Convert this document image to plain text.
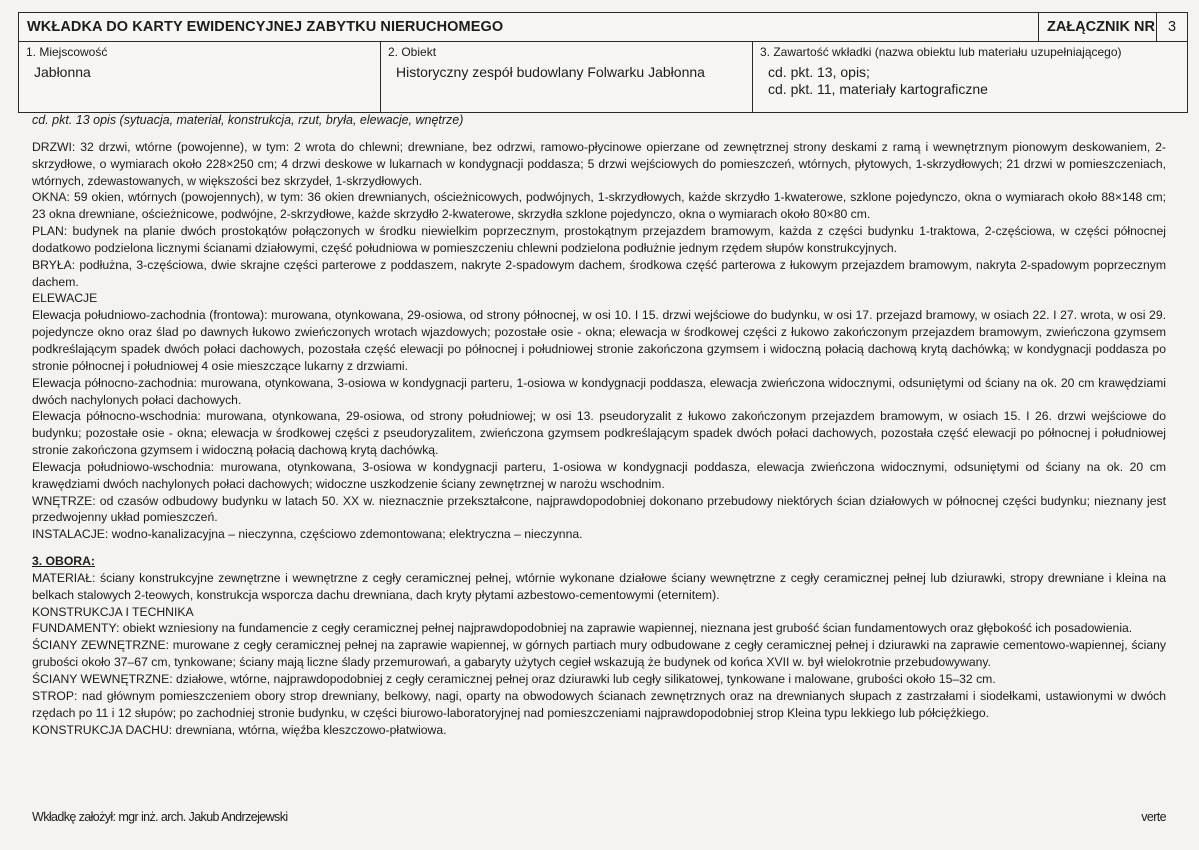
WKŁADKA DO KARTY EWIDENCYJNEJ ZABYTKU NIERUCHOMEGO	ZAŁĄCZNIK NR 3
1. Miejscowość
Jabłonna
2. Obiekt
Historyczny zespół budowlany Folwarku Jabłonna
3. Zawartość wkładki (nazwa obiektu lub materiału uzupełniającego)
cd. pkt. 13, opis;
cd. pkt. 11, materiały kartograficzne
cd. pkt. 13 opis (sytuacja, materiał, konstrukcja, rzut, bryła, elewacje, wnętrze)

DRZWI: 32 drzwi, wtórne (powojenne), w tym: 2 wrota do chlewni; drewniane, bez odrzwi, ramowo-płycinowe opierzane od zewnętrznej strony deskami z ramą i wewnętrznym pionowym deskowaniem, 2-skrzydłowe, o wymiarach około 228×250 cm; 4 drzwi deskowe w lukarnach w kondygnacji poddasza; 5 drzwi wejściowych do pomieszczeń, wtórnych, płytowych, 1-skrzydłowych; 21 drzwi w pomieszczeniach, wtórnych, zdewastowanych, w większości bez skrzydeł, 1-skrzydłowych.

OKNA: 59 okien, wtórnych (powojennych), w tym: 36 okien drewnianych, ościeżnicowych, podwójnych, 1-skrzydłowych, każde skrzydło 1-kwaterowe, szklone pojedynczo, okna o wymiarach około 88×148 cm; 23 okna drewniane, ościeżnicowe, podwójne, 2-skrzydłowe, każde skrzydło 2-kwaterowe, skrzydła szklone pojedynczo, okna o wymiarach około 80×80 cm.

PLAN: budynek na planie dwóch prostokątów połączonych w środku niewielkim poprzecznym, prostokątnym przejazdem bramowym, każda z części budynku 1-traktowa, 2-częściowa, w części północnej dodatkowo podzielona licznymi ścianami działowymi, część południowa w pomieszczeniu chlewni podzielona podłużnie jednym rzędem słupów konstrukcyjnych.

BRYŁA: podłużna, 3-częściowa, dwie skrajne części parterowe z poddaszem, nakryte 2-spadowym dachem, środkowa część parterowa z łukowym przejazdem bramowym, nakryta 2-spadowym poprzecznym dachem.

ELEWACJE

Elewacja południowo-zachodnia (frontowa): murowana, otynkowana, 29-osiowa, od strony północnej, w osi 10. I 15. drzwi wejściowe do budynku, w osi 17. przejazd bramowy, w osiach 22. I 27. wrota, w osi 29. pojedyncze okno oraz ślad po dawnych łukowo zwieńczonych wrotach wjazdowych; pozostałe osie - okna; elewacja w środkowej części z łukowo zakończonym przejazdem bramowym, zwieńczona gzymsem podkreślającym spadek dwóch połaci dachowych, pozostała część elewacji po północnej i południowej stronie zakończona gzymsem i widoczną połacią dachową krytą dachówką; w kondygnacji poddasza po stronie północnej i południowej 4 osie mieszczące lukarny z drzwiami.

Elewacja północno-zachodnia: murowana, otynkowana, 3-osiowa w kondygnacji parteru, 1-osiowa w kondygnacji poddasza, elewacja zwieńczona widocznymi, odsuniętymi od ściany na ok. 20 cm krawędziami dwóch nachylonych połaci dachowych.

Elewacja północno-wschodnia: murowana, otynkowana, 29-osiowa, od strony południowej; w osi 13. pseudoryzalit z łukowo zakończonym przejazdem bramowym, w osiach 15. I 26. drzwi wejściowe do budynku; pozostałe osie - okna; elewacja w środkowej części z pseudoryzalitem, zwieńczona gzymsem podkreślającym spadek dwóch połaci dachowych, pozostała część elewacji po północnej i południowej stronie zakończona gzymsem i widoczną połacią dachową krytą dachówką.

Elewacja południowo-wschodnia: murowana, otynkowana, 3-osiowa w kondygnacji parteru, 1-osiowa w kondygnacji poddasza, elewacja zwieńczona widocznymi, odsuniętymi od ściany na ok. 20 cm krawędziami dwóch nachylonych połaci dachowych; widoczne uszkodzenie ściany zewnętrznej w narożu wschodnim.

WNĘTRZE: od czasów odbudowy budynku w latach 50. XX w. nieznacznie przekształcone, najprawdopodobniej dokonano przebudowy niektórych ścian działowych w północnej części budynku; nieznany jest przedwojenny układ pomieszczeń.

INSTALACJE: wodno-kanalizacyjna – nieczynna, częściowo zdemontowana; elektryczna – nieczynna.

3. OBORA:

MATERIAŁ: ściany konstrukcyjne zewnętrzne i wewnętrzne z cegły ceramicznej pełnej, wtórnie wykonane działowe ściany wewnętrzne z cegły ceramicznej pełnej lub dziurawki, stropy drewniane i kleina na belkach stalowych 2-teowych, konstrukcja wsporcza dachu drewniana, dach kryty płytami azbestowo-cementowymi (eternitem).

KONSTRUKCJA I TECHNIKA

FUNDAMENTY: obiekt wzniesiony na fundamencie z cegły ceramicznej pełnej najprawdopodobniej na zaprawie wapiennej, nieznana jest grubość ścian fundamentowych oraz głębokość ich posadowienia.

ŚCIANY ZEWNĘTRZNE: murowane z cegły ceramicznej pełnej na zaprawie wapiennej, w górnych partiach mury odbudowane z cegły ceramicznej pełnej i dziurawki na zaprawie cementowo-wapiennej, ściany grubości około 37–67 cm, tynkowane; ściany mają liczne ślady przemurowań, a gabaryty użytych cegieł wskazują że budynek od końca XVII w. był wielokrotnie przebudowywany.

ŚCIANY WEWNĘTRZNE: działowe, wtórne, najprawdopodobniej z cegły ceramicznej pełnej oraz dziurawki lub cegły silikatowej, tynkowane i malowane, grubości około 15–32 cm.

STROP: nad głównym pomieszczeniem obory strop drewniany, belkowy, nagi, oparty na obwodowych ścianach zewnętrznych oraz na drewnianych słupach z zastrzałami i siodełkami, ustawionymi w dwóch rzędach po 11 i 12 słupów; po zachodniej stronie budynku, w części biurowo-laboratoryjnej nad pomieszczeniami najprawdopodobniej strop Kleina typu lekkiego lub półciężkiego.

KONSTRUKCJA DACHU: drewniana, wtórna, więźba kleszczowo-płatwiowa.

Wkładkę założył: mgr inż. arch. Jakub Andrzejewski	verte
